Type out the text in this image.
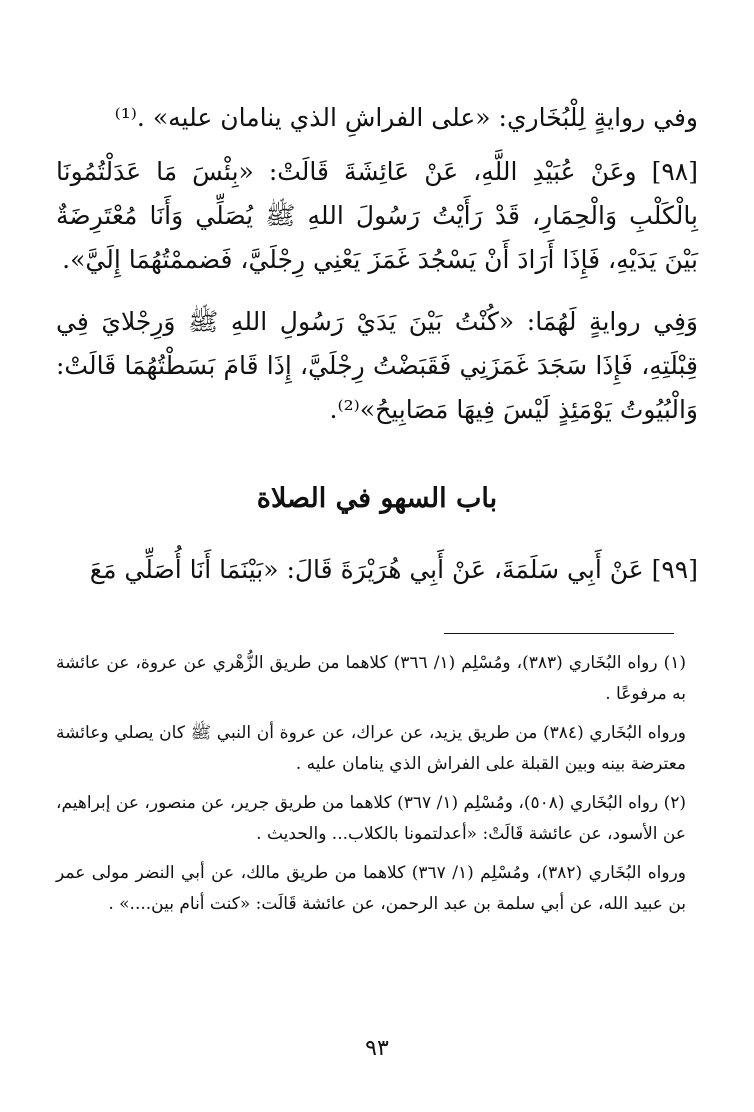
وفي روايةٍ لِلْبُخَاري: «على الفراشِ الذي ينامان عليه» .⁽¹⁾

[٩٨] وعَنْ عُبَيْدِ اللَّهِ، عَنْ عَائِشَةَ قَالَتْ: «بِئْسَ مَا عَدَلْتُمُونَا بِالْكَلْبِ وَالْحِمَارِ، قَدْ رَأَيْتُ رَسُولَ اللهِ ﷺ يُصَلِّي وَأَنَا مُعْتَرِضَةٌ بَيْنَ يَدَيْهِ، فَإِذَا أَرَادَ أَنْ يَسْجُدَ غَمَزَ يَعْنِي رِجْلَيَّ، فَضممْتُهُمَا إِلَيَّ».

وَفِي روايةٍ لَهُمَا: «كُنْتُ بَيْنَ يَدَيْ رَسُولِ اللهِ ﷺ وَرِجْلايَ فِي قِبْلَتِهِ، فَإِذَا سَجَدَ غَمَزَنِي فَقَبَضْتُ رِجْلَيَّ، إِذَا قَامَ بَسَطْتُهُمَا قَالَتْ: وَالْبُيُوتُ يَوْمَئِذٍ لَيْسَ فِيهَا مَصَابِيحُ»⁽²⁾.

باب السهو في الصلاة

[٩٩] عَنْ أَبِي سَلَمَةَ، عَنْ أَبِي هُرَيْرَةَ قَالَ: «بَيْنَمَا أَنَا أُصَلِّي مَعَ

(١) رواه البُخَاري (٣٨٣)، ومُسْلِم (١/ ٣٦٦) كلاهما من طريق الزُّهْري عن عروة، عن عائشة به مرفوعًا .

ورواه البُخَاري (٣٨٤) من طريق يزيد، عن عراك، عن عروة أن النبي ﷺ كان يصلي وعائشة معترضة بينه وبين القبلة على الفراش الذي ينامان عليه .

(٢) رواه البُخَاري (٥٠٨)، ومُسْلِم (١/ ٣٦٧) كلاهما من طريق جرير، عن منصور، عن إبراهيم، عن الأسود، عن عائشة قَالَتْ: «أعدلتمونا بالكلاب... والحديث .

ورواه البُخَاري (٣٨٢)، ومُسْلِم (١/ ٣٦٧) كلاهما من طريق مالك، عن أبي النضر مولى عمر بن عبيد الله، عن أبي سلمة بن عبد الرحمن، عن عائشة قَالَت: «كنت أنام بين....» .

٩٣
